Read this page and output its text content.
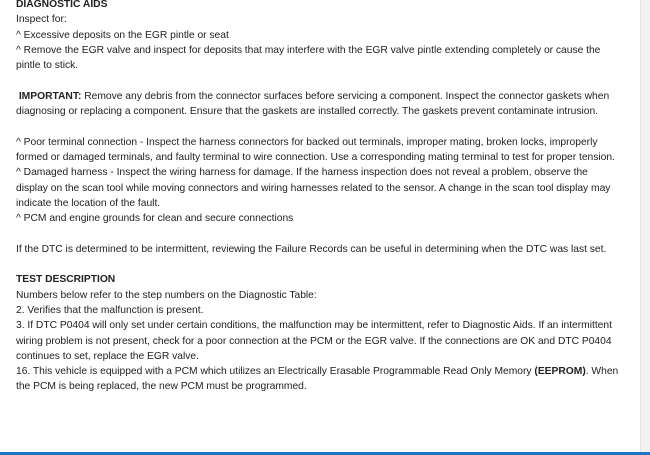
DIAGNOSTIC AIDS
Inspect for:
^ Excessive deposits on the EGR pintle or seat
^ Remove the EGR valve and inspect for deposits that may interfere with the EGR valve pintle extending completely or cause the pintle to stick.
IMPORTANT: Remove any debris from the connector surfaces before servicing a component. Inspect the connector gaskets when diagnosing or replacing a component. Ensure that the gaskets are installed correctly. The gaskets prevent contaminate intrusion.
^ Poor terminal connection - Inspect the harness connectors for backed out terminals, improper mating, broken locks, improperly formed or damaged terminals, and faulty terminal to wire connection. Use a corresponding mating terminal to test for proper tension.
^ Damaged harness - Inspect the wiring harness for damage. If the harness inspection does not reveal a problem, observe the display on the scan tool while moving connectors and wiring harnesses related to the sensor. A change in the scan tool display may indicate the location of the fault.
^ PCM and engine grounds for clean and secure connections
If the DTC is determined to be intermittent, reviewing the Failure Records can be useful in determining when the DTC was last set.
TEST DESCRIPTION
Numbers below refer to the step numbers on the Diagnostic Table:
2. Verifies that the malfunction is present.
3. If DTC P0404 will only set under certain conditions, the malfunction may be intermittent, refer to Diagnostic Aids. If an intermittent wiring problem is not present, check for a poor connection at the PCM or the EGR valve. If the connections are OK and DTC P0404 continues to set, replace the EGR valve.
16. This vehicle is equipped with a PCM which utilizes an Electrically Erasable Programmable Read Only Memory (EEPROM). When the PCM is being replaced, the new PCM must be programmed.
